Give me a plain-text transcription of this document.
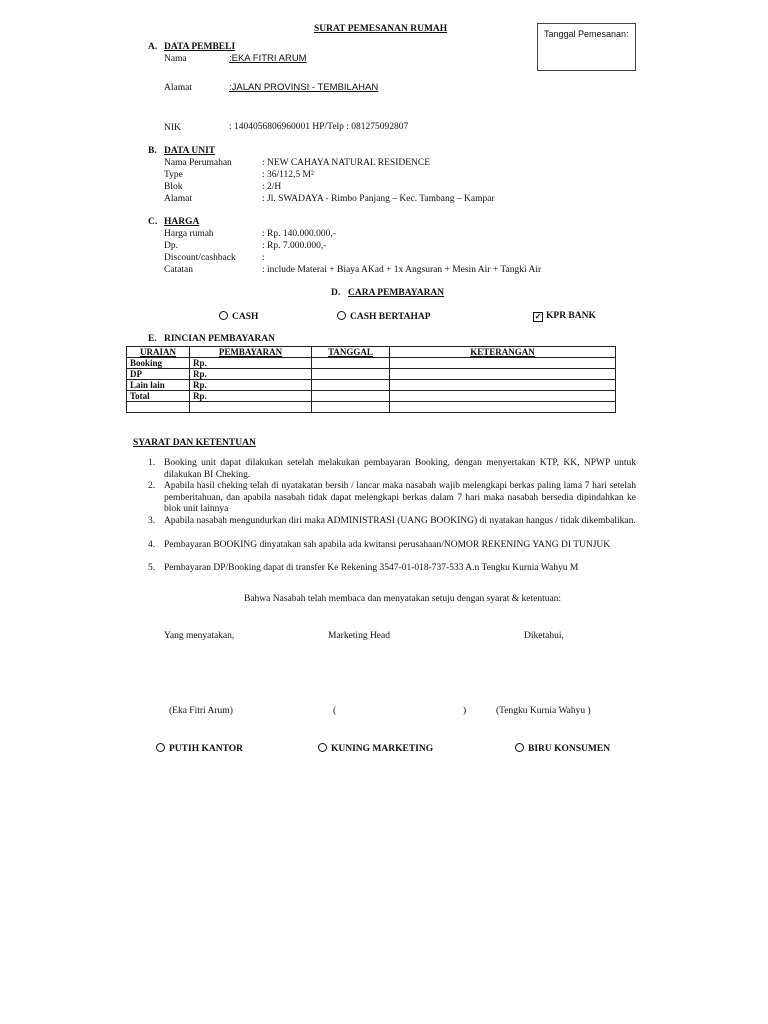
SURAT PEMESANAN RUMAH	Tanggal Pemesanan:
A. DATA PEMBELI
Nama	:EKA FITRI ARUM
Alamat	:JALAN PROVINSI - TEMBILAHAN
NIK	: 1404056806960001 HP/Telp : 081275092807
B. DATA UNIT
Nama Perumahan	: NEW CAHAYA NATURAL RESIDENCE
Type	: 36/112,5 M²
Blok	: 2/H
Alamat	: Jl. SWADAYA - Rimbo Panjang – Kec. Tambang – Kampar
C. HARGA
Harga rumah	: Rp. 140.000.000,-
Dp.	: Rp. 7.000.000,-
Discount/cashback	:
Catatan	: include Materai + Biaya AKad + 1x Angsuran + Mesin Air + Tangki Air
D. CARA PEMBAYARAN
CASH	CASH BERTAHAP	✓ KPR BANK
E. RINCIAN PEMBAYARAN
URAIAN	PEMBAYARAN	TANGGAL	KETERANGAN
Booking	Rp.		
DP	Rp.		
Lain lain	Rp.		
Total	Rp.		

SYARAT DAN KETENTUAN
1. Booking unit dapat dilakukan setelah melakukan pembayaran Booking, dengan menyertakan KTP, KK, NPWP untuk dilakukan BI Cheking.
2. Apabila hasil cheking telah di nyatakatan bersih / lancar maka nasabah wajib melengkapi berkas paling lama 7 hari setelah pemberitahuan, dan apabila nasabah tidak dapat melengkapi berkas dalam 7 hari maka nasabah bersedia dipindahkan ke blok unit lainnya
3. Apabila nasabah mengundurkan diri maka ADMINISTRASI (UANG BOOKING) di nyatakan hangus / tidak dikembalikan.
4. Pembayaran BOOKING dinyatakan sah apabila ada kwitansi perusahaan/NOMOR REKENING YANG DI TUNJUK
5. Pembayaran DP/Booking dapat di transfer Ke Rekening 3547-01-018-737-533 A.n Tengku Kurnia Wahyu M
Bahwa Nasabah telah membaca dan menyatakan setuju dengan syarat & ketentuan:
Yang menyatakan,	Marketing Head	Diketahui,
(Eka Fitri Arum)	(	)	(Tengku Kurnia Wahyu )
PUTIH KANTOR	KUNING MARKETING	BIRU KONSUMEN
